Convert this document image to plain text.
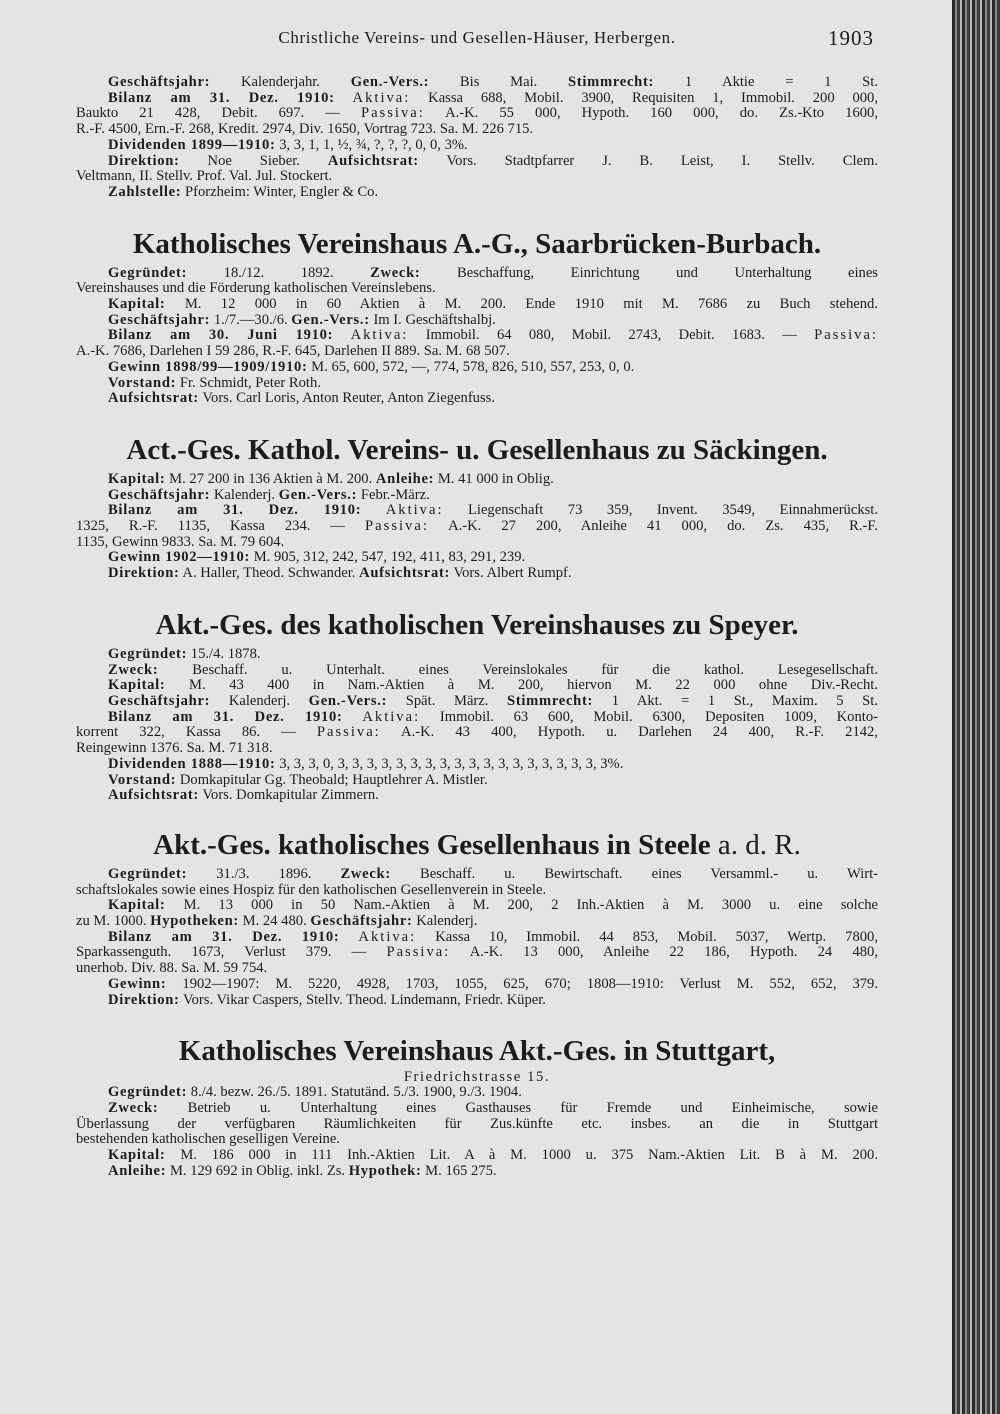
Christliche Vereins- und Gesellen-Häuser, Herbergen.	1903
Geschäftsjahr: Kalenderjahr. Gen.-Vers.: Bis Mai. Stimmrecht: 1 Aktie = 1 St.
Bilanz am 31. Dez. 1910: Aktiva: Kassa 688, Mobil. 3900, Requisiten 1, Immobil. 200 000,
Baukto 21 428, Debit. 697. — Passiva: A.-K. 55 000, Hypoth. 160 000, do. Zs.-Kto 1600,
R.-F. 4500, Ern.-F. 268, Kredit. 2974, Div. 1650, Vortrag 723. Sa. M. 226 715.
Dividenden 1899—1910: 3, 3, 1, 1, ½, ¾, ?, ?, ?, 0, 0, 3%.
Direktion: Noe Sieber. Aufsichtsrat: Vors. Stadtpfarrer J. B. Leist, I. Stellv. Clem.
Veltmann, II. Stellv. Prof. Val. Jul. Stockert.
Zahlstelle: Pforzheim: Winter, Engler & Co.
Katholisches Vereinshaus A.-G., Saarbrücken-Burbach.
Gegründet: 18./12. 1892. Zweck: Beschaffung, Einrichtung und Unterhaltung eines
Vereinshauses und die Förderung katholischen Vereinslebens.
Kapital: M. 12 000 in 60 Aktien à M. 200. Ende 1910 mit M. 7686 zu Buch stehend.
Geschäftsjahr: 1./7.—30./6. Gen.-Vers.: Im I. Geschäftshalbj.
Bilanz am 30. Juni 1910: Aktiva: Immobil. 64 080, Mobil. 2743, Debit. 1683. — Passiva:
A.-K. 7686, Darlehen I 59 286, R.-F. 645, Darlehen II 889. Sa. M. 68 507.
Gewinn 1898/99—1909/1910: M. 65, 600, 572, —, 774, 578, 826, 510, 557, 253, 0, 0.
Vorstand: Fr. Schmidt, Peter Roth.
Aufsichtsrat: Vors. Carl Loris, Anton Reuter, Anton Ziegenfuss.
Act.-Ges. Kathol. Vereins- u. Gesellenhaus zu Säckingen.
Kapital: M. 27 200 in 136 Aktien à M. 200. Anleihe: M. 41 000 in Oblig.
Geschäftsjahr: Kalenderj. Gen.-Vers.: Febr.-März.
Bilanz am 31. Dez. 1910: Aktiva: Liegenschaft 73 359, Invent. 3549, Einnahmerückst.
1325, R.-F. 1135, Kassa 234. — Passiva: A.-K. 27 200, Anleihe 41 000, do. Zs. 435, R.-F.
1135, Gewinn 9833. Sa. M. 79 604.
Gewinn 1902—1910: M. 905, 312, 242, 547, 192, 411, 83, 291, 239.
Direktion: A. Haller, Theod. Schwander. Aufsichtsrat: Vors. Albert Rumpf.
Akt.-Ges. des katholischen Vereinshauses zu Speyer.
Gegründet: 15./4. 1878.
Zweck: Beschaff. u. Unterhalt. eines Vereinslokales für die kathol. Lesegesellschaft.
Kapital: M. 43 400 in Nam.-Aktien à M. 200, hiervon M. 22 000 ohne Div.-Recht.
Geschäftsjahr: Kalenderj. Gen.-Vers.: Spät. März. Stimmrecht: 1 Akt. = 1 St., Maxim. 5 St.
Bilanz am 31. Dez. 1910: Aktiva: Immobil. 63 600, Mobil. 6300, Depositen 1009, Konto-
korrent 322, Kassa 86. — Passiva: A.-K. 43 400, Hypoth. u. Darlehen 24 400, R.-F. 2142,
Reingewinn 1376. Sa. M. 71 318.
Dividenden 1888—1910: 3, 3, 3, 0, 3, 3, 3, 3, 3, 3, 3, 3, 3, 3, 3, 3, 3, 3, 3, 3, 3, 3, 3%.
Vorstand: Domkapitular Gg. Theobald; Hauptlehrer A. Mistler.
Aufsichtsrat: Vors. Domkapitular Zimmern.
Akt.-Ges. katholisches Gesellenhaus in Steele a. d. R.
Gegründet: 31./3. 1896. Zweck: Beschaff. u. Bewirtschaft. eines Versamml.- u. Wirt-
schaftslokales sowie eines Hospiz für den katholischen Gesellenverein in Steele.
Kapital: M. 13 000 in 50 Nam.-Aktien à M. 200, 2 Inh.-Aktien à M. 3000 u. eine solche
zu M. 1000. Hypotheken: M. 24 480. Geschäftsjahr: Kalenderj.
Bilanz am 31. Dez. 1910: Aktiva: Kassa 10, Immobil. 44 853, Mobil. 5037, Wertp. 7800,
Sparkassenguth. 1673, Verlust 379. — Passiva: A.-K. 13 000, Anleihe 22 186, Hypoth. 24 480,
unerhob. Div. 88. Sa. M. 59 754.
Gewinn: 1902—1907: M. 5220, 4928, 1703, 1055, 625, 670; 1808—1910: Verlust M. 552, 652, 379.
Direktion: Vors. Vikar Caspers, Stellv. Theod. Lindemann, Friedr. Küper.
Katholisches Vereinshaus Akt.-Ges. in Stuttgart,
Friedrichstrasse 15.
Gegründet: 8./4. bezw. 26./5. 1891. Statutänd. 5./3. 1900, 9./3. 1904.
Zweck: Betrieb u. Unterhaltung eines Gasthauses für Fremde und Einheimische, sowie
Überlassung der verfügbaren Räumlichkeiten für Zus.künfte etc. insbes. an die in Stuttgart
bestehenden katholischen geselligen Vereine.
Kapital: M. 186 000 in 111 Inh.-Aktien Lit. A à M. 1000 u. 375 Nam.-Aktien Lit. B à M. 200.
Anleihe: M. 129 692 in Oblig. inkl. Zs. Hypothek: M. 165 275.
